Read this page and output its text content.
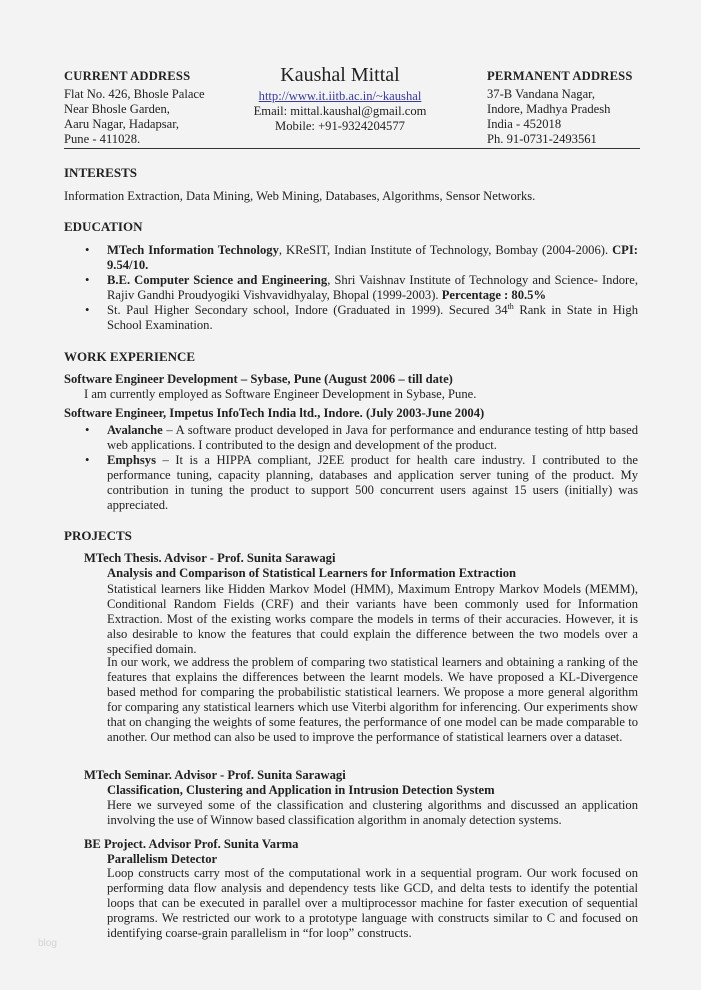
CURRENT ADDRESS
Flat No. 426, Bhosle Palace
Near Bhosle Garden,
Aaru Nagar, Hadapsar,
Pune - 411028.
Kaushal Mittal
http://www.it.iitb.ac.in/~kaushal
Email: mittal.kaushal@gmail.com
Mobile: +91-9324204577
PERMANENT ADDRESS
37-B Vandana Nagar,
Indore, Madhya Pradesh
India - 452018
Ph. 91-0731-2493561
INTERESTS
Information Extraction, Data Mining, Web Mining, Databases, Algorithms, Sensor Networks.
EDUCATION
• MTech Information Technology, KReSIT, Indian Institute of Technology, Bombay (2004-2006). CPI: 9.54/10.
• B.E. Computer Science and Engineering, Shri Vaishnav Institute of Technology and Science- Indore, Rajiv Gandhi Proudyogiki Vishvavidhyalay, Bhopal (1999-2003). Percentage : 80.5%
• St. Paul Higher Secondary school, Indore (Graduated in 1999). Secured 34th Rank in State in High School Examination.
WORK EXPERIENCE
Software Engineer Development – Sybase, Pune (August 2006 – till date)
I am currently employed as Software Engineer Development in Sybase, Pune.
Software Engineer, Impetus InfoTech India ltd., Indore. (July 2003-June 2004)
• Avalanche – A software product developed in Java for performance and endurance testing of http based web applications. I contributed to the design and development of the product.
• Emphsys – It is a HIPPA compliant, J2EE product for health care industry. I contributed to the performance tuning, capacity planning, databases and application server tuning of the product. My contribution in tuning the product to support 500 concurrent users against 15 users (initially) was appreciated.
PROJECTS
MTech Thesis. Advisor - Prof. Sunita Sarawagi
Analysis and Comparison of Statistical Learners for Information Extraction
Statistical learners like Hidden Markov Model (HMM), Maximum Entropy Markov Models (MEMM), Conditional Random Fields (CRF) and their variants have been commonly used for Information Extraction. Most of the existing works compare the models in terms of their accuracies. However, it is also desirable to know the features that could explain the difference between the two models over a specified domain.
In our work, we address the problem of comparing two statistical learners and obtaining a ranking of the features that explains the differences between the learnt models. We have proposed a KL-Divergence based method for comparing the probabilistic statistical learners. We propose a more general algorithm for comparing any statistical learners which use Viterbi algorithm for inferencing. Our experiments show that on changing the weights of some features, the performance of one model can be made comparable to another. Our method can also be used to improve the performance of statistical learners over a dataset.
MTech Seminar. Advisor - Prof. Sunita Sarawagi
Classification, Clustering and Application in Intrusion Detection System
Here we surveyed some of the classification and clustering algorithms and discussed an application involving the use of Winnow based classification algorithm in anomaly detection systems.
BE Project. Advisor Prof. Sunita Varma
Parallelism Detector
Loop constructs carry most of the computational work in a sequential program. Our work focused on performing data flow analysis and dependency tests like GCD, and delta tests to identify the potential loops that can be executed in parallel over a multiprocessor machine for faster execution of sequential programs. We restricted our work to a prototype language with constructs similar to C and focused on identifying coarse-grain parallelism in “for loop” constructs.
blog
